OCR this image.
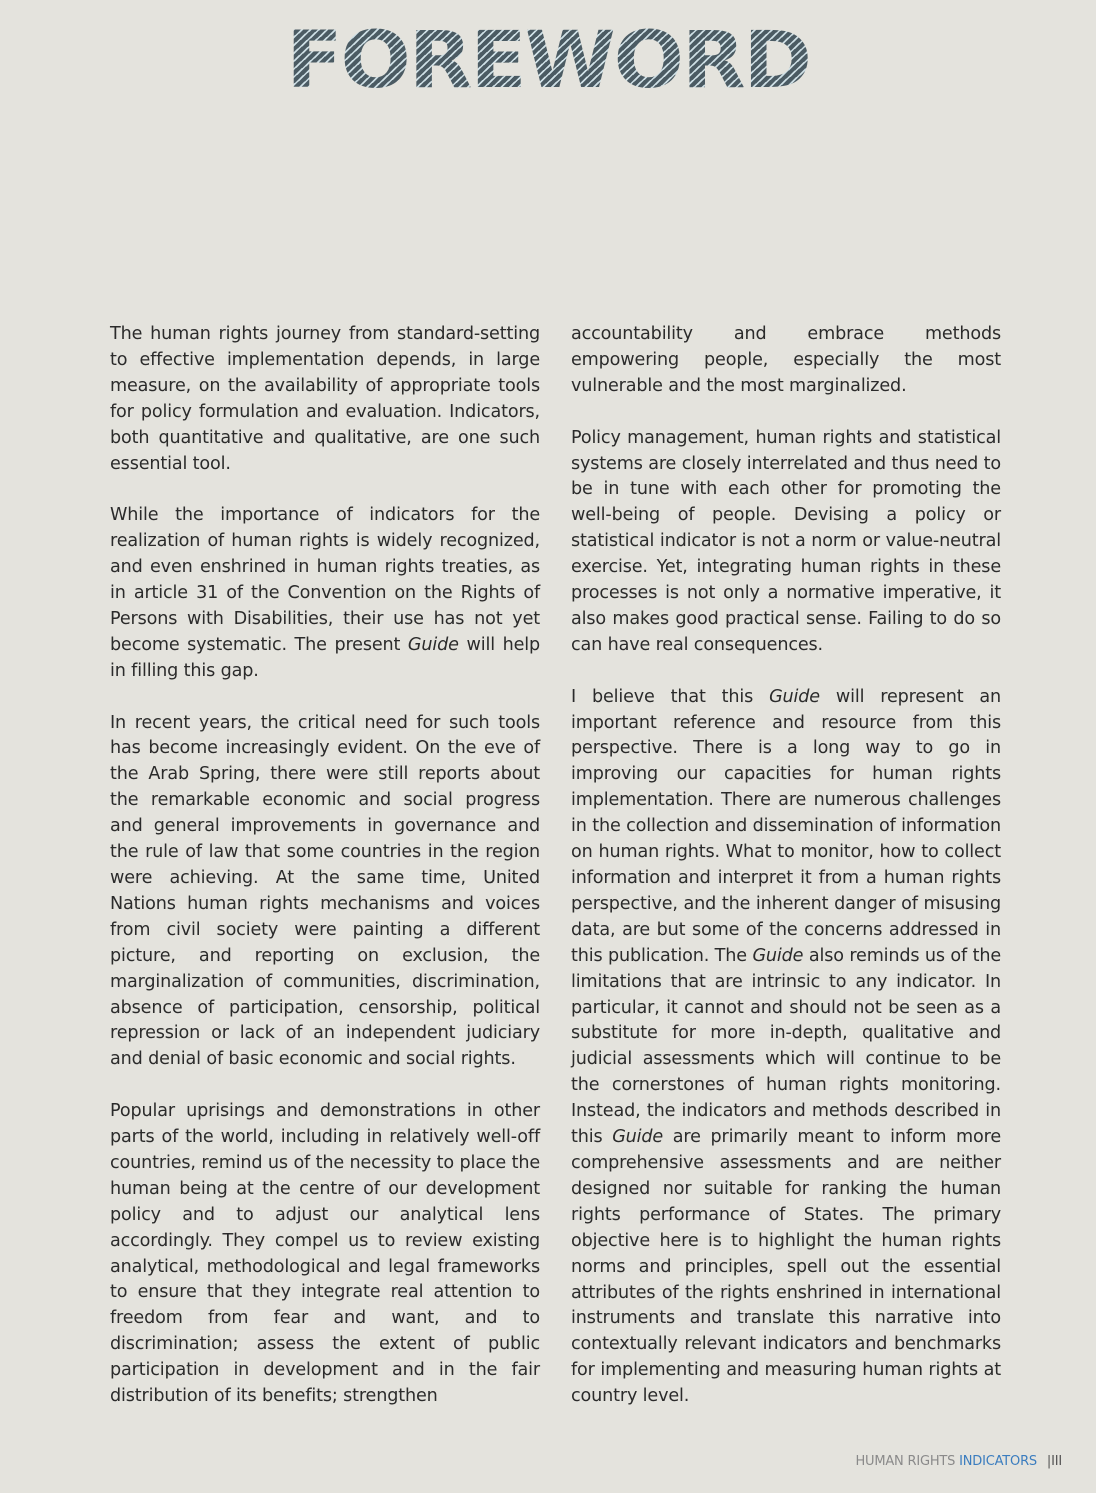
FOREWORD

The human rights journey from standard-setting to effective implementation depends, in large measure, on the availability of appropriate tools for policy formulation and evaluation. Indicators, both quantitative and qualitative, are one such essential tool.

While the importance of indicators for the realization of human rights is widely recognized, and even enshrined in human rights treaties, as in article 31 of the Convention on the Rights of Persons with Disabilities, their use has not yet become systematic. The present Guide will help in filling this gap.

In recent years, the critical need for such tools has become increasingly evident. On the eve of the Arab Spring, there were still reports about the remarkable economic and social progress and general improvements in governance and the rule of law that some countries in the region were achieving. At the same time, United Nations human rights mechanisms and voices from civil society were painting a different picture, and reporting on exclusion, the marginalization of communities, discrimination, absence of participation, censorship, political repression or lack of an independent judiciary and denial of basic economic and social rights.

Popular uprisings and demonstrations in other parts of the world, including in relatively well-off countries, remind us of the necessity to place the human being at the centre of our development policy and to adjust our analytical lens accordingly. They compel us to review existing analytical, methodological and legal frameworks to ensure that they integrate real attention to freedom from fear and want, and to discrimination; assess the extent of public participation in development and in the fair distribution of its benefits; strengthen

accountability and embrace methods empowering people, especially the most vulnerable and the most marginalized.

Policy management, human rights and statistical systems are closely interrelated and thus need to be in tune with each other for promoting the well-being of people. Devising a policy or statistical indicator is not a norm or value-neutral exercise. Yet, integrating human rights in these processes is not only a normative imperative, it also makes good practical sense. Failing to do so can have real consequences.

I believe that this Guide will represent an important reference and resource from this perspective. There is a long way to go in improving our capacities for human rights implementation. There are numerous challenges in the collection and dissemination of information on human rights. What to monitor, how to collect information and interpret it from a human rights perspective, and the inherent danger of misusing data, are but some of the concerns addressed in this publication. The Guide also reminds us of the limitations that are intrinsic to any indicator. In particular, it cannot and should not be seen as a substitute for more in-depth, qualitative and judicial assessments which will continue to be the cornerstones of human rights monitoring. Instead, the indicators and methods described in this Guide are primarily meant to inform more comprehensive assessments and are neither designed nor suitable for ranking the human rights performance of States. The primary objective here is to highlight the human rights norms and principles, spell out the essential attributes of the rights enshrined in international instruments and translate this narrative into contextually relevant indicators and benchmarks for implementing and measuring human rights at country level.

HUMAN RIGHTS INDICATORS |III
